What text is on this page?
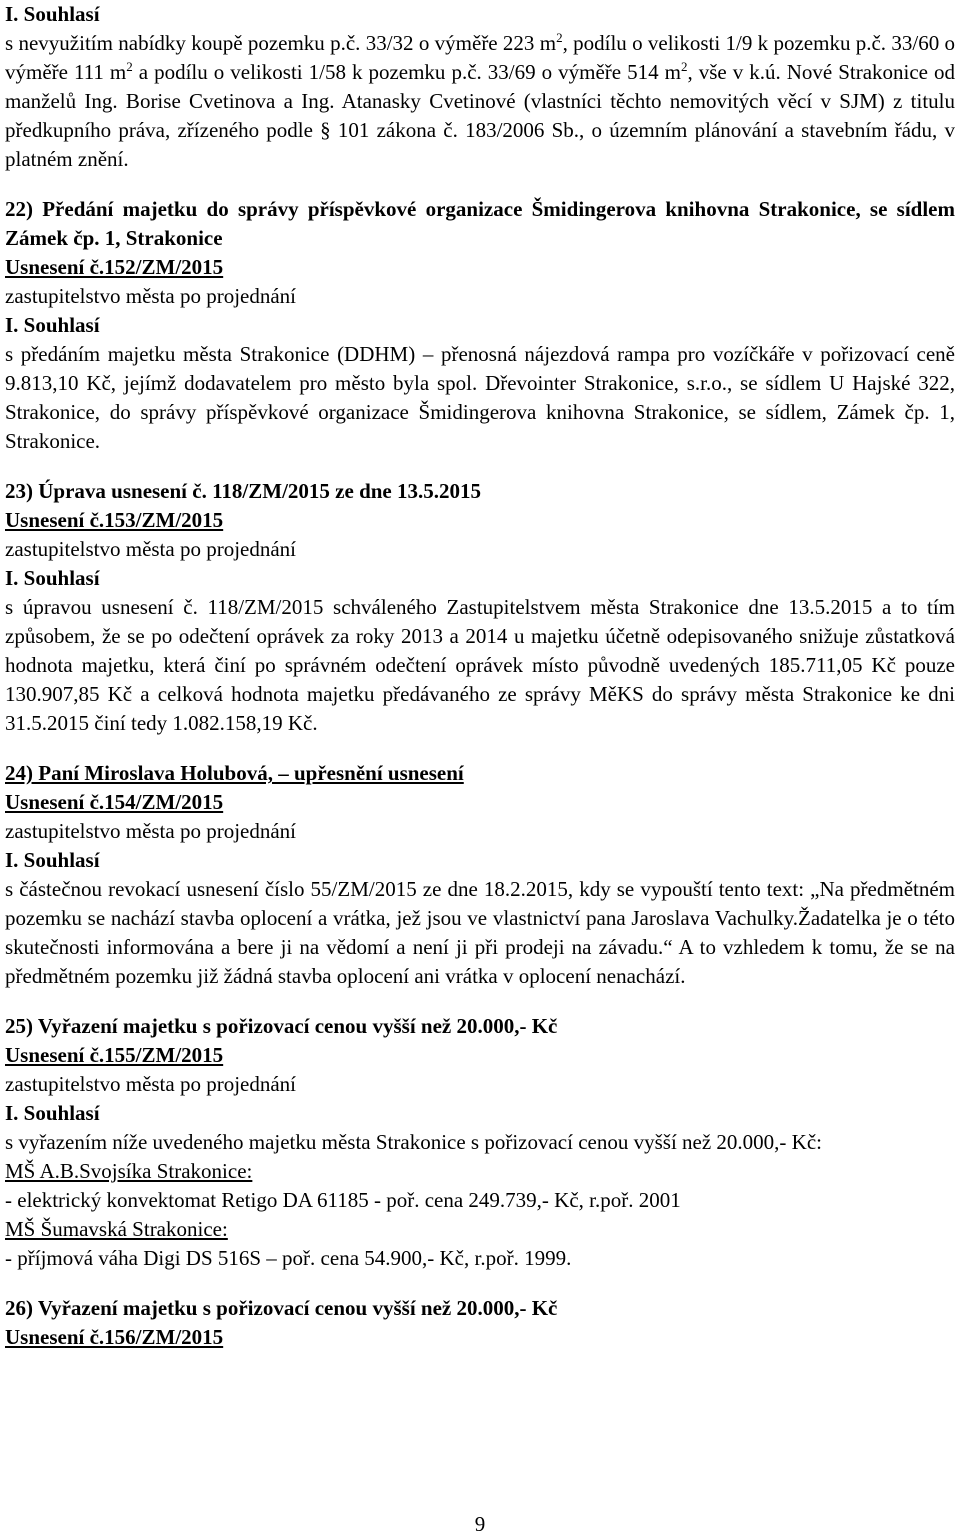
I. Souhlasí

s nevyužitím nabídky koupě pozemku p.č. 33/32 o výměře 223 $m^2$, podílu o velikosti 1/9 k pozemku p.č. 33/60 o výměře 111 $m^2$ a podílu o velikosti 1/58 k pozemku p.č. 33/69 o výměře 514 $m^2$, vše v k.ú. Nové Strakonice od manželů Ing. Borise Cvetinova a Ing. Atanasky Cvetinové (vlastníci těchto nemovitých věcí v SJM) z titulu předkupního práva, zřízeného podle § 101 zákona č. 183/2006 Sb., o územním plánování a stavebním řádu, v platném znění.

22) Předání majetku do správy příspěvkové organizace Šmidingerova knihovna Strakonice, se sídlem Zámek čp. 1, Strakonice

Usnesení č.152/ZM/2015

zastupitelstvo města po projednání

I. Souhlasí

s předáním majetku města Strakonice (DDHM) – přenosná nájezdová rampa pro vozíčkáře v pořizovací ceně 9.813,10 Kč, jejímž dodavatelem pro město byla spol. Dřevointer Strakonice, s.r.o., se sídlem U Hajské 322, Strakonice, do správy příspěvkové organizace Šmidingerova knihovna Strakonice, se sídlem, Zámek čp. 1, Strakonice.

23) Úprava usnesení č. 118/ZM/2015 ze dne 13.5.2015

Usnesení č.153/ZM/2015

zastupitelstvo města po projednání

I. Souhlasí

s úpravou usnesení č. 118/ZM/2015 schváleného Zastupitelstvem města Strakonice dne 13.5.2015 a to tím způsobem, že se po odečtení oprávek za roky 2013 a 2014 u majetku účetně odepisovaného snižuje zůstatková hodnota majetku, která činí po správném odečtení oprávek místo původně uvedených 185.711,05 Kč pouze 130.907,85 Kč a celková hodnota majetku předávaného ze správy MěKS do správy města Strakonice ke dni 31.5.2015 činí tedy 1.082.158,19 Kč.

24) Paní Miroslava Holubová, – upřesnění usnesení

Usnesení č.154/ZM/2015

zastupitelstvo města po projednání

I. Souhlasí

s částečnou revokací usnesení číslo 55/ZM/2015 ze dne 18.2.2015, kdy se vypouští tento text: „Na předmětném pozemku se nachází stavba oplocení a vrátka, jež jsou ve vlastnictví pana Jaroslava Vachulky.Žadatelka je o této skutečnosti informována a bere ji na vědomí a není ji při prodeji na závadu.“ A to vzhledem k tomu, že se na předmětném pozemku již žádná stavba oplocení ani vrátka v oplocení nenachází.

25) Vyřazení majetku s pořizovací cenou vyšší než 20.000,- Kč

Usnesení č.155/ZM/2015

zastupitelstvo města po projednání

I. Souhlasí

s vyřazením níže uvedeného majetku města Strakonice s pořizovací cenou vyšší než 20.000,- Kč:

MŠ A.B.Svojsíka Strakonice:

- elektrický konvektomat Retigo DA 61185 - poř. cena 249.739,- Kč, r.poř. 2001

MŠ Šumavská Strakonice:

- příjmová váha Digi DS 516S – poř. cena 54.900,- Kč, r.poř. 1999.

26) Vyřazení majetku s pořizovací cenou vyšší než 20.000,- Kč

Usnesení č.156/ZM/2015

9
